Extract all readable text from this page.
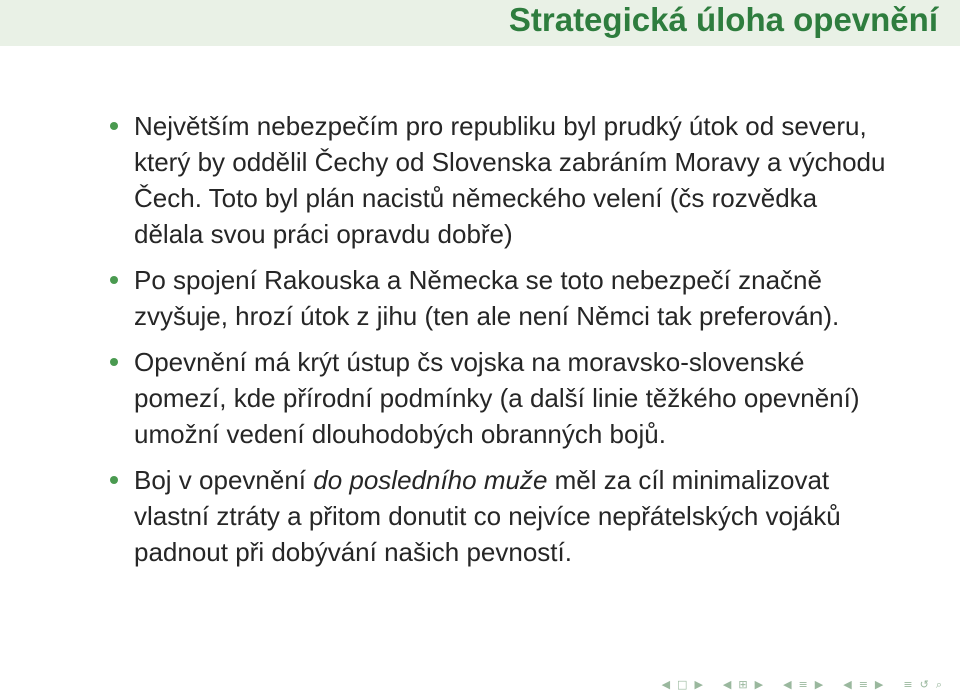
Strategická úloha opevnění
Největším nebezpečím pro republiku byl prudký útok od severu, který by oddělil Čechy od Slovenska zabráním Moravy a východu Čech. Toto byl plán nacistů německého velení (čs rozvědka dělala svou práci opravdu dobře)
Po spojení Rakouska a Německa se toto nebezpečí značně zvyšuje, hrozí útok z jihu (ten ale není Němci tak preferován).
Opevnění má krýt ústup čs vojska na moravsko-slovenské pomezí, kde přírodní podmínky (a další linie těžkého opevnění) umožní vedení dlouhodobých obranných bojů.
Boj v opevnění do posledního muže měl za cíl minimalizovat vlastní ztráty a přitom donutit co nejvíce nepřátelských vojáků padnout při dobývání našich pevností.
◀ □ ▶ ◀ ⊞ ▶ ◀ ≡ ▶ ◀ ≡ ▶ ≡ ↺ ⌕
